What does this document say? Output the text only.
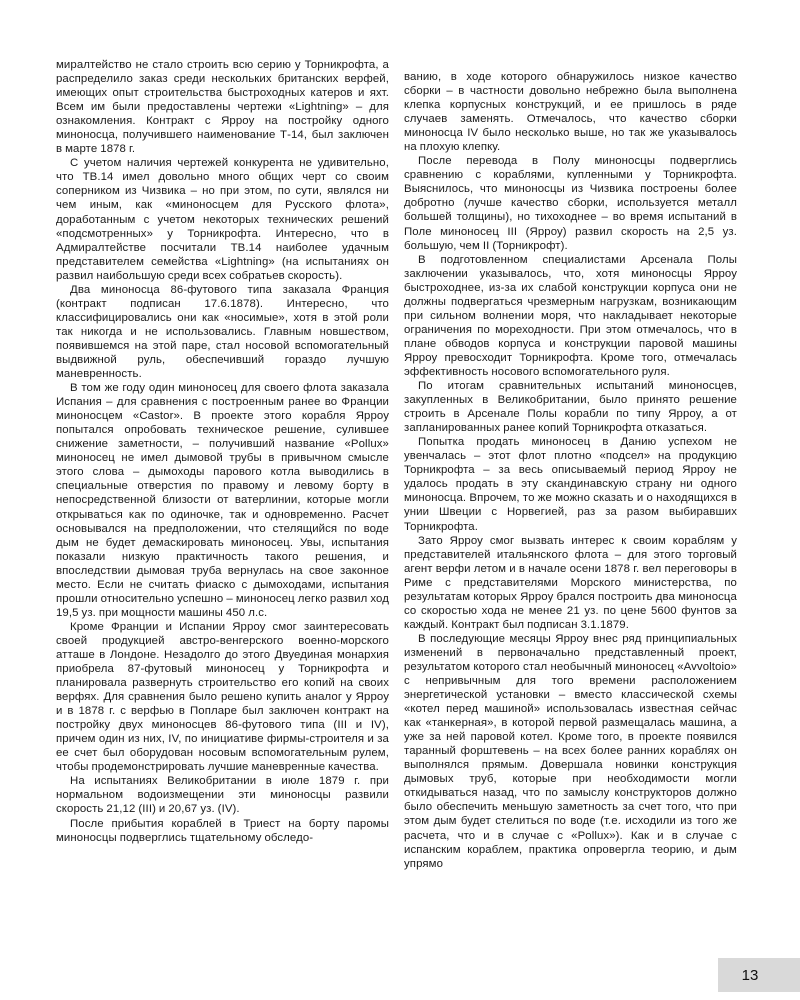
миралтейство не стало строить всю серию у Торникрофта, а распределило заказ среди нескольких британских верфей, имеющих опыт строительства быстроходных катеров и яхт. Всем им были предоставлены чертежи «Lightning» – для ознакомления. Контракт с Ярроу на постройку одного миноносца, получившего наименование Т-14, был заключен в марте 1878 г.

С учетом наличия чертежей конкурента не удивительно, что ТВ.14 имел довольно много общих черт со своим соперником из Чизвика – но при этом, по сути, являлся ни чем иным, как «миноносцем для Русского флота», доработанным с учетом некоторых технических решений «подсмотренных» у Торникрофта. Интересно, что в Адмиралтействе посчитали ТВ.14 наиболее удачным представителем семейства «Lightning» (на испытаниях он развил наибольшую среди всех собратьев скорость).

Два миноносца 86-футового типа заказала Франция (контракт подписан 17.6.1878). Интересно, что классифицировались они как «носимые», хотя в этой роли так никогда и не использовались. Главным новшеством, появившемся на этой паре, стал носовой вспомогательный выдвижной руль, обеспечивший гораздо лучшую маневренность.

В том же году один миноносец для своего флота заказала Испания – для сравнения с построенным ранее во Франции миноносцем «Castor». В проекте этого корабля Ярроу попытался опробовать техническое решение, сулившее снижение заметности, – получивший название «Pollux» миноносец не имел дымовой трубы в привычном смысле этого слова – дымоходы парового котла выводились в специальные отверстия по правому и левому борту в непосредственной близости от ватерлинии, которые могли открываться как по одиночке, так и одновременно. Расчет основывался на предположении, что стелящийся по воде дым не будет демаскировать миноносец. Увы, испытания показали низкую практичность такого решения, и впоследствии дымовая труба вернулась на свое законное место. Если не считать фиаско с дымоходами, испытания прошли относительно успешно – миноносец легко развил ход 19,5 уз. при мощности машины 450 л.с.

Кроме Франции и Испании Ярроу смог заинтересовать своей продукцией австро-венгерского военно-морского атташе в Лондоне. Незадолго до этого Двуединая монархия приобрела 87-футовый миноносец у Торникрофта и планировала развернуть строительство его копий на своих верфях. Для сравнения было решено купить аналог у Ярроу и в 1878 г. с верфью в Попларе был заключен контракт на постройку двух миноносцев 86-футового типа (III и IV), причем один из них, IV, по инициативе фирмы-строителя и за ее счет был оборудован носовым вспомогательным рулем, чтобы продемонстрировать лучшие маневренные качества.

На испытаниях Великобритании в июле 1879 г. при нормальном водоизмещении эти миноносцы развили скорость 21,12 (III) и 20,67 уз. (IV).

После прибытия кораблей в Триест на борту паромы миноносцы подверглись тщательному обследо-

ванию, в ходе которого обнаружилось низкое качество сборки – в частности довольно небрежно была выполнена клепка корпусных конструкций, и ее пришлось в ряде случаев заменять. Отмечалось, что качество сборки миноносца IV было несколько выше, но так же указывалось на плохую клепку.

После перевода в Полу миноносцы подверглись сравнению с кораблями, купленными у Торникрофта. Выяснилось, что миноносцы из Чизвика построены более добротно (лучше качество сборки, используется металл большей толщины), но тихоходнее – во время испытаний в Поле миноносец III (Ярроу) развил скорость на 2,5 уз. большую, чем II (Торникрофт).

В подготовленном специалистами Арсенала Полы заключении указывалось, что, хотя миноносцы Ярроу быстроходнее, из-за их слабой конструкции корпуса они не должны подвергаться чрезмерным нагрузкам, возникающим при сильном волнении моря, что накладывает некоторые ограничения по мореходности. При этом отмечалось, что в плане обводов корпуса и конструкции паровой машины Ярроу превосходит Торникрофта. Кроме того, отмечалась эффективность носового вспомогательного руля.

По итогам сравнительных испытаний миноносцев, закупленных в Великобритании, было принято решение строить в Арсенале Полы корабли по типу Ярроу, а от запланированных ранее копий Торникрофта отказаться.

Попытка продать миноносец в Данию успехом не увенчалась – этот флот плотно «подсел» на продукцию Торникрофта – за весь описываемый период Ярроу не удалось продать в эту скандинавскую страну ни одного миноносца. Впрочем, то же можно сказать и о находящихся в унии Швеции с Норвегией, раз за разом выбиравших Торникрофта.

Зато Ярроу смог вызвать интерес к своим кораблям у представителей итальянского флота – для этого торговый агент верфи летом и в начале осени 1878 г. вел переговоры в Риме с представителями Морского министерства, по результатам которых Ярроу брался построить два миноносца со скоростью хода не менее 21 уз. по цене 5600 фунтов за каждый. Контракт был подписан 3.1.1879.

В последующие месяцы Ярроу внес ряд принципиальных изменений в первоначально представленный проект, результатом которого стал необычный миноносец «Avvoltoio» с непривычным для того времени расположением энергетической установки – вместо классической схемы «котел перед машиной» использовалась известная сейчас как «танкерная», в которой первой размещалась машина, а уже за ней паровой котел. Кроме того, в проекте появился таранный форштевень – на всех более ранних кораблях он выполнялся прямым. Довершала новинки конструкция дымовых труб, которые при необходимости могли откидываться назад, что по замыслу конструкторов должно было обеспечить меньшую заметность за счет того, что при этом дым будет стелиться по воде (т.е. исходили из того же расчета, что и в случае с «Pollux»). Как и в случае с испанским кораблем, практика опровергла теорию, и дым упрямо

13
